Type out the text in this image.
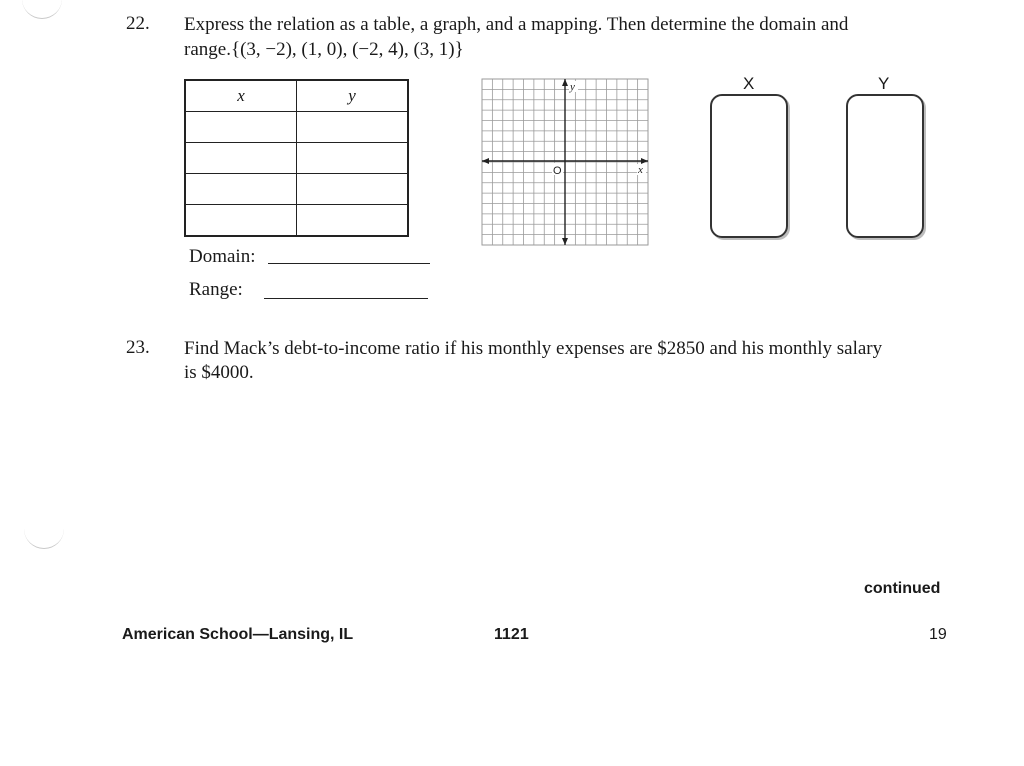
22. Express the relation as a table, a graph, and a mapping. Then determine the domain and
range.{(3, −2), (1, 0), (−2, 4), (3, 1)}
x	y

		y
x
O
X	Y
Domain:
Range:
23. Find Mack’s debt-to-income ratio if his monthly expenses are $2850 and his monthly salary
is $4000.
continued
American School—Lansing, IL	1121	19
